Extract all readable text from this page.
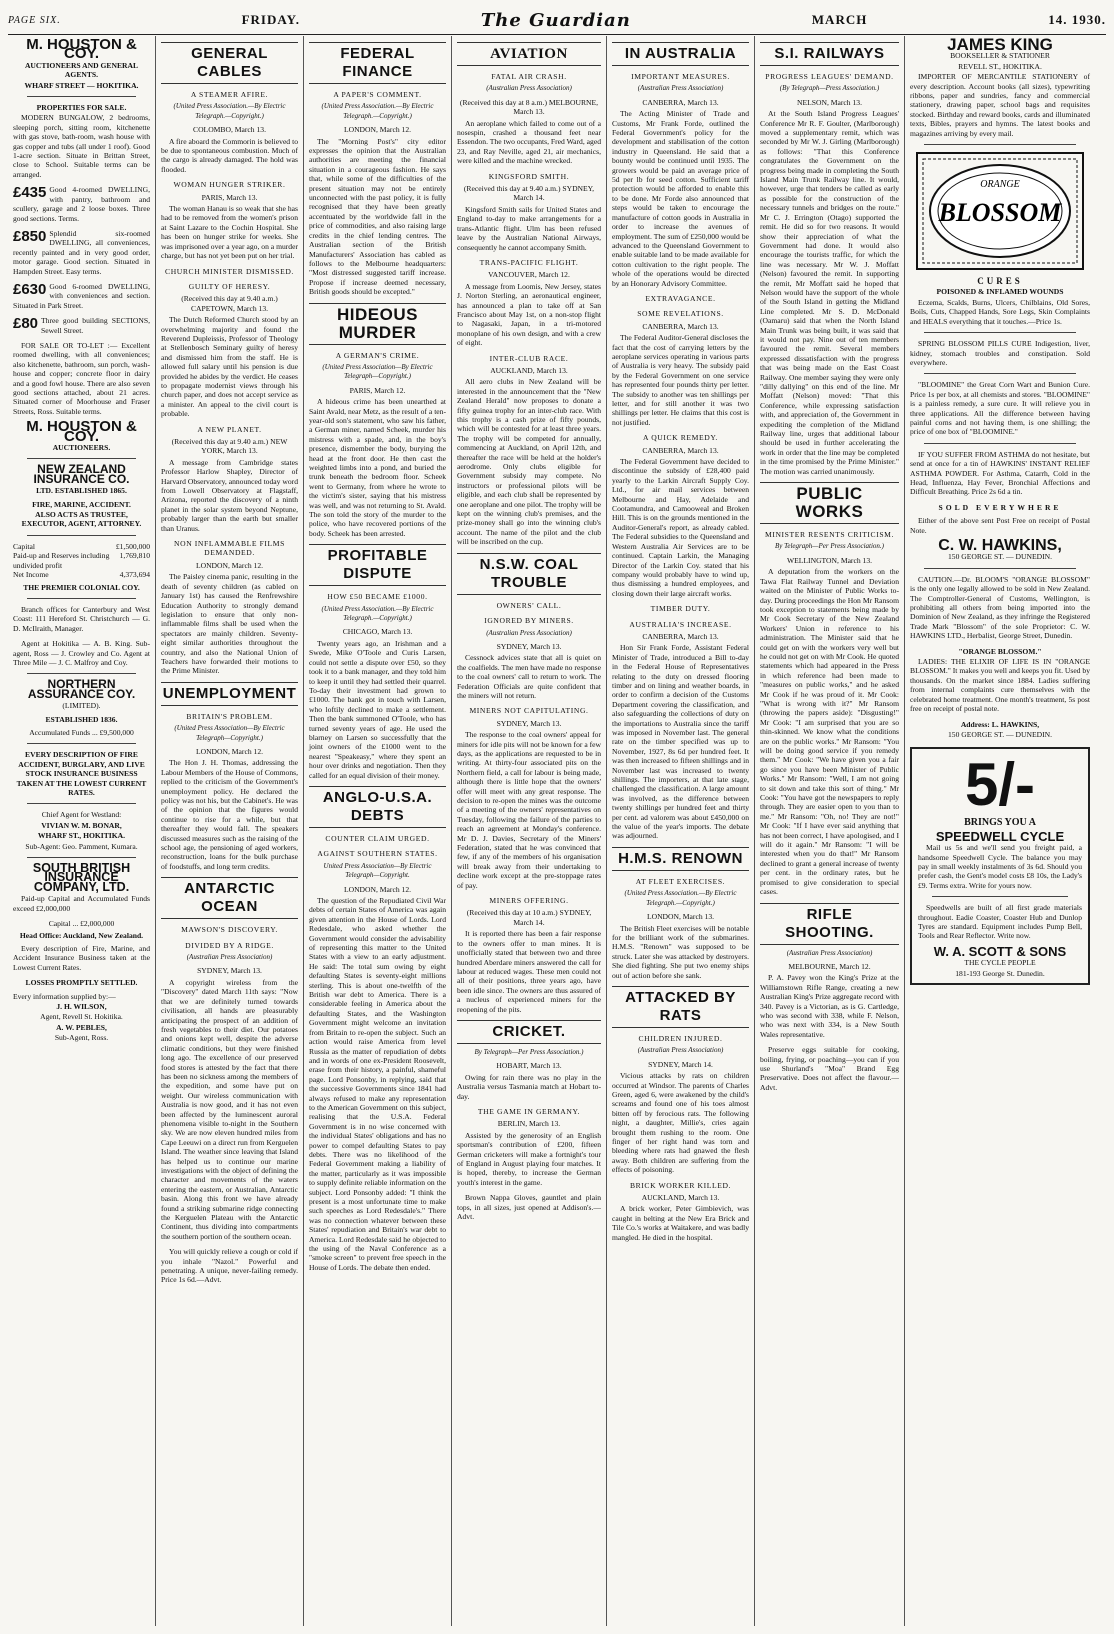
PAGE SIX.	FRIDAY.	The Guardian	MARCH	14. 1930.
M. HOUSTON & COY.
AUCTIONEERS AND GENERAL AGENTS.
WHARF STREET — HOKITIKA.
PROPERTIES FOR SALE.

MODERN BUNGALOW, 2 bedrooms, sleeping porch, sitting room, kitchenette with gas stove, bath-room, wash house with gas copper and tubs (all under 1 roof). Good 1-acre section. Situate in Brittan Street, close to School. Suitable terms can be arranged.

£435 Good 4-roomed DWELLING, with pantry, bathroom and scullery, garage and 2 loose boxes. Three good sections. Terms.
£850 Splendid six-roomed DWELLING, all conveniences, recently painted and in very good order, motor garage. Good section. Situated in Hampden Street. Easy terms.
£630 Good 6-roomed DWELLING, with conveniences and section. Situated in Park Street.
£80 Three good building SECTIONS, Sewell Street.

FOR SALE OR TO-LET :— Excellent roomed dwelling, with all conveniences; also kitchenette, bathroom, sun porch, wash-house and copper; concrete floor in dairy and a good fowl house. There are also seven good sections attached, about 21 acres. Situated corner of Moorhouse and Fraser Streets, Ross. Suitable terms.

M. HOUSTON & COY.
AUCTIONEERS.
NEW ZEALAND INSURANCE CO.
LTD. ESTABLISHED 1865.
FIRE, MARINE, ACCIDENT.
ALSO ACTS AS TRUSTEE, EXECUTOR, AGENT, ATTORNEY.
Capital	£1,500,000
Paid-up and Reserves including undivided profit
1,769,810
Net Income	4,373,694
THE PREMIER COLONIAL COY.

Branch offices for Canterbury and West Coast: 111 Hereford St. Christchurch — G. D. McIlraith, Manager.

Agent at Hokitika — A. B. King. Sub-agent, Ross — J. Crowley and Co. Agent at Three Mile — J. C. Malfroy and Coy.

NORTHERN ASSURANCE COY.
(LIMITED).
ESTABLISHED 1836.
Accumulated Funds ... £9,500,000
EVERY DESCRIPTION OF FIRE ACCIDENT, BURGLARY, AND LIVE STOCK INSURANCE BUSINESS TAKEN AT THE LOWEST CURRENT RATES.
Chief Agent for Westland:
VIVIAN W. M. BONAR,
WHARF ST., HOKITIKA.
Sub-Agent: Geo. Pamment, Kumara.
SOUTH BRITISH INSURANCE COMPANY, LTD.

Paid-up Capital and Accumulated Funds exceed £2,000,000

Capital ... £2,000,000
Head Office: Auckland, New Zealand.

Every description of Fire, Marine, and Accident Insurance Business taken at the Lowest Current Rates.

LOSSES PROMPTLY SETTLED.
Every information supplied by:—
J. H. WILSON,
Agent, Revell St. Hokitika.
A. W. PEBLES,
Sub-Agent, Ross.
GENERAL CABLES
A STEAMER AFIRE.
(United Press Association.—By Electric Telegraph.—Copyright.)
COLOMBO, March 13.

A fire aboard the Commorin is believed to be due to spontaneous combustion. Much of the cargo is already damaged. The hold was flooded.

WOMAN HUNGER STRIKER.
PARIS, March 13.

The woman Hanau is so weak that she has had to be removed from the women's prison at Saint Lazare to the Cochin Hospital. She has been on hunger strike for weeks. She was imprisoned over a year ago, on a murder charge, but has not yet been put on her trial.

CHURCH MINISTER DISMISSED.
GUILTY OF HERESY.
(Received this day at 9.40 a.m.) CAPETOWN, March 13.

The Dutch Reformed Church stood by an overwhelming majority and found the Reverend Dupleissis, Professor of Theology at Stellenbosch Seminary guilty of heresy and dismissed him from the staff. He is allowed full salary until his pension is due provided he abides by the verdict. He ceases to propagate modernist views through his church paper, and does not accept service as a minister. An appeal to the civil court is probable.

A NEW PLANET.
(Received this day at 9.40 a.m.) NEW YORK, March 13.

A message from Cambridge states Professor Harlow Shapley, Director of Harvard Observatory, announced today word from Lowell Observatory at Flagstaff, Arizona, reported the discovery of a ninth planet in the solar system beyond Neptune, probably larger than the earth but smaller than Uranus.

NON INFLAMMABLE FILMS DEMANDED.
LONDON, March 12.

The Paisley cinema panic, resulting in the death of seventy children (as cabled on January 1st) has caused the Renfrewshire Education Authority to strongly demand legislation to ensure that only non-inflammable films shall be used when the spectators are mainly children. Seventy-eight similar authorities throughout the country, and also the National Union of Teachers have forwarded their motions to the Prime Minister.

UNEMPLOYMENT
BRITAIN'S PROBLEM.
(United Press Association—By Electric Telegraph—Copyright.)
LONDON, March 12.

The Hon J. H. Thomas, addressing the Labour Members of the House of Commons, replied to the criticism of the Government's unemployment policy. He declared the policy was not his, but the Cabinet's. He was of the opinion that the figures would continue to rise for a while, but that thereafter they would fall. The speakers discussed measures such as the raising of the school age, the pensioning of aged workers, reconstruction, loans for the bulk purchase of foodstuffs, and long term credits.

ANTARCTIC OCEAN
MAWSON'S DISCOVERY.
DIVIDED BY A RIDGE.
(Australian Press Association)
SYDNEY, March 13.

A copyright wireless from the "Discovery" dated March 11th says: "Now that we are definitely turned towards civilisation, all hands are pleasurably anticipating the prospect of an addition of fresh vegetables to their diet. Our potatoes and onions kept well, despite the adverse climatic conditions, but they were finished long ago. The excellence of our preserved food stores is attested by the fact that there has been no sickness among the members of the expedition, and some have put on weight. Our wireless communication with Australia is now good, and it has not even been affected by the luminescent auroral phenomena visible to-night in the Southern sky. We are now eleven hundred miles from Cape Leeuwi on a direct run from Kerguelen Island. The weather since leaving that Island has helped us to continue our marine investigations with the object of defining the character and movements of the waters entering the eastern, or Australian, Antarctic basin. Along this front we have already found a striking submarine ridge connecting the Kerguelen Plateau with the Antarctic Continent, thus dividing into compartments the southern portion of the southern ocean.

You will quickly relieve a cough or cold if you inhale "Nazol." Powerful and penetrating. A unique, never-failing remedy. Price 1s 6d.—Advt.

FEDERAL FINANCE
A PAPER'S COMMENT.
(United Press Association.—By Electric Telegraph.—Copyright.)
LONDON, March 12.

The "Morning Post's" city editor expresses the opinion that the Australian authorities are meeting the financial situation in a courageous fashion. He says that, while some of the difficulties of the present situation may not be entirely unconnected with the past policy, it is fully recognised that they have been greatly accentuated by the worldwide fall in the price of commodities, and also raising large credits in the chief lending centres. The Australian section of the British Manufacturers' Association has cabled as follows to the Melbourne headquarters: "Most distressed suggested tariff increase. Propose if increase deemed necessary, British goods should be excepted."

HIDEOUS MURDER
A GERMAN'S CRIME.
(United Press Association—By Electric Telegraph—Copyright.)
PARIS, March 12.

A hideous crime has been unearthed at Saint Avald, near Metz, as the result of a ten-year-old son's statement, who saw his father, a German miner, named Scheek, murder his mistress with a spade, and, in the boy's presence, dismember the body, burying the head at the front door. He then cast the weighted limbs into a pond, and buried the trunk beneath the bedroom floor. Scheek went to Germany, from where he wrote to the victim's sister, saying that his mistress was well, and was not returning to St. Avald. The son told the story of the murder to the police, who have recovered portions of the body. Scheek has been arrested.

PROFITABLE DISPUTE
HOW £50 BECAME £1000.
(United Press Association.—By Electric Telegraph.—Copyright.)
CHICAGO, March 13.

Twenty years ago, an Irishman and a Swede, Mike O'Toole and Curis Larsen, could not settle a dispute over £50, so they took it to a bank manager, and they told him to keep it until they had settled their quarrel. To-day their investment had grown to £1000. The bank got in touch with Larsen, who loftily declined to make a settlement. Then the bank summoned O'Toole, who has turned seventy years of age. He used the blarney on Larsen so successfully that the joint owners of the £1000 went to the nearest "Speakeasy," where they spent an hour over drinks and negotiation. Then they called for an equal division of their money.

ANGLO-U.S.A. DEBTS
COUNTER CLAIM URGED.
AGAINST SOUTHERN STATES.
United Press Association—By Electric Telegraph—Copyright.
LONDON, March 12.

The question of the Repudiated Civil War debts of certain States of America was again given attention in the House of Lords. Lord Redesdale, who asked whether the Government would consider the advisability of representing this matter to the United States with a view to an early adjustment. He said: The total sum owing by eight defaulting States is seventy-eight millions sterling. This is about one-twelfth of the British war debt to America. There is a considerable feeling in America about the defaulting States, and the Washington Government might welcome an invitation from Britain to re-open the subject. Such an action would raise America from level Russia as the matter of repudiation of debts and in words of one ex-President Roosevelt, erase from their history, a painful, shameful page. Lord Ponsonby, in replying, said that the successive Governments since 1841 had always refused to make any representation to the American Government on this subject, realising that the U.S.A. Federal Government is in no wise concerned with the individual States' obligations and has no power to compel defaulting States to pay debts. There was no likelihood of the Federal Government making a liability of the matter, particularly as it was impossible to supply definite reliable information on the subject. Lord Ponsonby added: "I think the present is a most unfortunate time to make such speeches as Lord Redesdale's." There was no connection whatever between these States' repudiation and Britain's war debt to America. Lord Redesdale said he objected to the using of the Naval Conference as a "smoke screen" to prevent free speech in the House of Lords. The debate then ended.

AVIATION
FATAL AIR CRASH.
(Australian Press Association)
(Received this day at 8 a.m.) MELBOURNE, March 13.

An aeroplane which failed to come out of a nosespin, crashed a thousand feet near Essendon. The two occupants, Fred Ward, aged 23, and Ray Neville, aged 21, air mechanics, were killed and the machine wrecked.

KINGSFORD SMITH.
(Received this day at 9.40 a.m.) SYDNEY, March 14.

Kingsford Smith sails for United States and England to-day to make arrangements for a trans-Atlantic flight. Ulm has been refused leave by the Australian National Airways, consequently he cannot accompany Smith.

TRANS-PACIFIC FLIGHT.
VANCOUVER, March 12.

A message from Loomis, New Jersey, states J. Norton Sterling, an aeronautical engineer, has announced a plan to take off at San Francisco about May 1st, on a non-stop flight to Nagasaki, Japan, in a tri-motored monoplane of his own design, and with a crew of eight.

INTER-CLUB RACE.
AUCKLAND, March 13.

All aero clubs in New Zealand will be interested in the announcement that the "New Zealand Herald" now proposes to donate a fifty guinea trophy for an inter-club race. With this trophy is a cash prize of fifty pounds, which will be contested for at least three years. The trophy will be competed for annually, commencing at Auckland, on April 12th, and thereafter the race will be held at the holder's aerodrome. Only clubs eligible for Government subsidy may compete. No instructors or professional pilots will be eligible, and each club shall be represented by one aeroplane and one pilot. The trophy will be kept on the winning club's premises, and the prize-money shall go into the winning club's account. The name of the pilot and the club will be inscribed on the cup.

N.S.W. COAL TROUBLE
OWNERS' CALL.
IGNORED BY MINERS.
(Australian Press Association)
SYDNEY, March 13.

Cessnock advices state that all is quiet on the coalfields. The men have made no response to the coal owners' call to return to work. The Federation Officials are quite confident that the miners will not return.

MINERS NOT CAPITULATING.
SYDNEY, March 13.

The response to the coal owners' appeal for miners for idle pits will not be known for a few days, as the applications are requested to be in writing. At thirty-four associated pits on the Northern field, a call for labour is being made, although there is little hope that the owners' offer will meet with any great response. The decision to re-open the mines was the outcome of a meeting of the owners' representatives on Tuesday, following the failure of the parties to reach an agreement at Monday's conference. Mr D. J. Davies, Secretary of the Miners' Federation, stated that he was convinced that few, if any of the members of his organisation will break away from their undertaking to decline work except at the pre-stoppage rates of pay.

MINERS OFFERING.
(Received this day at 10 a.m.) SYDNEY, March 14.

It is reported there has been a fair response to the owners offer to man mines. It is unofficially stated that between two and three hundred Aberdare miners answered the call for labour at reduced wages. These men could not all of their positions, three years ago, have been idle since. The owners are thus assured of a nucleus of experienced miners for the reopening of the pits.

CRICKET.
By Telegraph—Per Press Association.)
HOBART, March 13.

Owing for rain there was no play in the Australia versus Tasmania match at Hobart to-day.

THE GAME IN GERMANY.
BERLIN, March 13.

Assisted by the generosity of an English sportsman's contribution of £200, fifteen German cricketers will make a fortnight's tour of England in August playing four matches. It is hoped, thereby, to increase the German youth's interest in the game.

Brown Nappa Gloves, gauntlet and plain tops, in all sizes, just opened at Addison's.—Advt.

IN AUSTRALIA
IMPORTANT MEASURES.
(Australian Press Association)
CANBERRA, March 13.

The Acting Minister of Trade and Customs, Mr Frank Forde, outlined the Federal Government's policy for the development and stabilisation of the cotton industry in Queensland. He said that a bounty would be continued until 1935. The growers would be paid an average price of 5d per lb for seed cotton. Sufficient tariff protection would be afforded to enable this to be done. Mr Forde also announced that steps would be taken to encourage the manufacture of cotton goods in Australia in order to increase the avenues of employment. The sum of £250,000 would be advanced to the Queensland Government to enable suitable land to be made available for cotton cultivation to the right people. The whole of the operations would be directed by an Honorary Advisory Committee.

EXTRAVAGANCE.
SOME REVELATIONS.
CANBERRA, March 13.

The Federal Auditor-General discloses the fact that the cost of carrying letters by the aeroplane services operating in various parts of Australia is very heavy. The subsidy paid by the Federal Government on one service has represented four pounds thirty per letter. The subsidy to another was ten shillings per letter, and for still another it was two shillings per letter. He claims that this cost is not justified.

A QUICK REMEDY.
CANBERRA, March 13.

The Federal Government have decided to discontinue the subsidy of £28,400 paid yearly to the Larkin Aircraft Supply Coy. Ltd., for air mail services between Melbourne and Hay, Adelaide and Cootamundra, and Camooweal and Broken Hill. This is on the grounds mentioned in the Auditor-General's report, as already cabled. The Federal subsidies to the Queensland and Western Australia Air Services are to be continued. Captain Larkin, the Managing Director of the Larkin Coy. stated that his company would probably have to wind up, thus dismissing a hundred employees, and closing down their large aircraft works.

TIMBER DUTY.
AUSTRALIA'S INCREASE.
CANBERRA, March 13.

Hon Sir Frank Forde, Assistant Federal Minister of Trade, introduced a Bill to-day in the Federal House of Representatives relating to the duty on dressed flooring timber and on lining and weather boards, in order to confirm a decision of the Customs Department covering the classification, and also safeguarding the collections of duty on the importations to Australia since the tariff was imposed in November last. The general rate on the timber specified was up to November, 1927, 8s 6d per hundred feet. It was then increased to fifteen shillings and in November last was increased to twenty shillings. The importers, at that late stage, challenged the classification. A large amount was involved, as the difference between twenty shillings per hundred feet and thirty per cent. ad valorem was about £450,000 on the value of the year's imports. The debate was adjourned.

H.M.S. RENOWN
AT FLEET EXERCISES.
(United Press Association.—By Electric Telegraph.—Copyright.)
LONDON, March 13.

The British Fleet exercises will be notable for the brilliant work of the submarines. H.M.S. "Renown" was supposed to be struck. Later she was attacked by destroyers. She died fighting. She put two enemy ships out of action before she sank.

ATTACKED BY RATS
CHILDREN INJURED.
(Australian Press Association)
SYDNEY, March 14.

Vicious attacks by rats on children occurred at Windsor. The parents of Charles Green, aged 6, were awakened by the child's screams and found one of his toes almost bitten off by ferocious rats. The following night, a daughter, Millie's, cries again brought them rushing to the room. One finger of her right hand was torn and bleeding where rats had gnawed the flesh away. Both children are suffering from the effects of poisoning.

BRICK WORKER KILLED.
AUCKLAND, March 13.

A brick worker, Peter Gimbievich, was caught in belting at the New Era Brick and Tile Co.'s works at Waitakere, and was badly mangled. He died in the hospital.

S.I. RAILWAYS
PROGRESS LEAGUES' DEMAND.
(By Telegraph—Press Association.)
NELSON, March 13.

At the South Island Progress Leagues' Conference Mr R. F. Goulter, (Marlborough) moved a supplementary remit, which was seconded by Mr W. J. Girling (Marlborough) as follows: "That this Conference congratulates the Government on the progress being made in completing the South Island Main Trunk Railway line. It would, however, urge that tenders be called as early as possible for the construction of the necessary tunnels and bridges on the route." Mr C. J. Errington (Otago) supported the remit. He did so for two reasons. It would show their appreciation of what the Government had done. It would also encourage the tourists traffic, for which the line was necessary. Mr W. J. Moffatt (Nelson) favoured the remit. In supporting the remit, Mr Moffatt said he hoped that Nelson would have the support of the whole of the South Island in getting the Midland Line completed. Mr S. D. McDonald (Oamaru) said that when the North Island Main Trunk was being built, it was said that it would not pay. Nine out of ten members favoured the remit. Several members expressed dissatisfaction with the progress that was being made on the East Coast Railway. One member saying they were only "dilly dallying" on this end of the line. Mr Moffatt (Nelson) moved: "That this Conference, while expressing satisfaction with, and appreciation of, the Government in expediting the completion of the Midland Railway line, urges that additional labour should be used in further accelerating the work in order that the line may be completed in the time promised by the Prime Minister." The motion was carried unanimously.

PUBLIC WORKS
MINISTER RESENTS CRITICISM.
By Telegraph—Per Press Association.)
WELLINGTON, March 13.

A deputation from the workers on the Tawa Flat Railway Tunnel and Deviation waited on the Minister of Public Works to-day. During proceedings the Hon Mr Ransom took exception to statements being made by Mr Cook Secretary of the New Zealand Workers' Union in reference to his administration. The Minister said that he could get on with the workers very well but he could not get on with Mr Cook. He quoted statements which had appeared in the Press in which reference had been made to "measures on public works," and he asked Mr Cook if he was proud of it. Mr Cook: "What is wrong with it?" Mr Ransom (throwing the papers aside): "Disgusting!" Mr Cook: "I am surprised that you are so thin-skinned. We know what the conditions are on the public works." Mr Ransom: "You will be doing good service if you remedy them." Mr Cook: "We have given you a fair go since you have been Minister of Public Works." Mr Ransom: "Well, I am not going to sit down and take this sort of thing." Mr Cook: "You have got the newspapers to reply through. They are easier open to you than to me." Mr Ransom: "Oh, no! They are not!" Mr Cook: "If I have ever said anything that has not been correct, I have apologised, and I will do it again." Mr Ransom: "I will be interested when you do that!" Mr Ransom declined to grant a general increase of twenty per cent. in the ordinary rates, but he promised to give consideration to special cases.

RIFLE SHOOTING.
(Australian Press Association)
MELBOURNE, March 12.

P. A. Pavey won the King's Prize at the Williamstown Rifle Range, creating a new Australian King's Prize aggregate record with 340. Pavey is a Victorian, as is G. Cartledge, who was second with 338, while F. Nelson, who was next with 334, is a New South Wales representative.

Preserve eggs suitable for cooking, boiling, frying, or poaching—you can if you use Shurland's "Moa" Brand Egg Preservative. Does not affect the flavour.—Advt.

JAMES KING
BOOKSELLER & STATIONER
REVELL ST., HOKITIKA.

IMPORTER OF MERCANTILE STATIONERY of every description. Account books (all sizes), typewriting ribbons, paper and sundries, fancy and commercial stationery, drawing paper, school bags and requisites stocked. Birthday and reward books, cards and illuminated texts, Bibles, prayers and hymns. The latest books and magazines arriving by every mail.

ORANGE
BLOSSOM
CURES
POISONED & INFLAMED WOUNDS

Eczema, Scalds, Burns, Ulcers, Chilblains, Old Sores, Boils, Cuts, Chapped Hands, Sore Legs, Skin Complaints and HEALS everything that it touches.—Price 1s.

SPRING BLOSSOM PILLS CURE Indigestion, liver, kidney, stomach troubles and constipation. Sold everywhere.

"BLOOMINE" the Great Corn Wart and Bunion Cure. Price 1s per box, at all chemists and stores. "BLOOMINE" is a painless remedy, a sure cure. It will relieve you in three applications. All the difference between having painful corns and not having them, is one shilling; the price of one box of "BLOOMINE."

IF YOU SUFFER FROM ASTHMA do not hesitate, but send at once for a tin of HAWKINS' INSTANT RELIEF ASTHMA POWDER. For Asthma, Catarrh, Cold in the Head, Influenza, Hay Fever, Bronchial Affections and Difficult Breathing. Price 2s 6d a tin.

SOLD EVERYWHERE

Either of the above sent Post Free on receipt of Postal Note.

C. W. HAWKINS,
150 GEORGE ST. — DUNEDIN.

CAUTION.—Dr. BLOOM'S "ORANGE BLOSSOM" is the only one legally allowed to be sold in New Zealand. The Comptroller-General of Customs, Wellington, is prohibiting all others from being imported into the Dominion of New Zealand, as they infringe the Registered Trade Mark "Blossom" of the sole Proprietor: C. W. HAWKINS LTD., Herbalist, George Street, Dunedin.

"ORANGE BLOSSOM."

LADIES: THE ELIXIR OF LIFE IS IN "ORANGE BLOSSOM." It makes you well and keeps you fit. Used by thousands. On the market since 1884. Ladies suffering from internal complaints cure themselves with the celebrated home treatment. One month's treatment, 5s post free on receipt of postal note.

Address: L. HAWKINS,
150 GEORGE ST. — DUNEDIN.
5/-
BRINGS YOU A
SPEEDWELL CYCLE

Mail us 5s and we'll send you freight paid, a handsome Speedwell Cycle. The balance you may pay in small weekly instalments of 3s 6d. Should you prefer cash, the Gent's model costs £8 10s, the Lady's £9. Terms extra. Write for yours now.

Speedwells are built of all first grade materials throughout. Eadie Coaster, Coaster Hub and Dunlop Tyres are standard. Equipment includes Pump Bell, Tools and Rear Reflector. Write now.

W. A. SCOTT & SONS
THE CYCLE PEOPLE
181-193 George St. Dunedin.
